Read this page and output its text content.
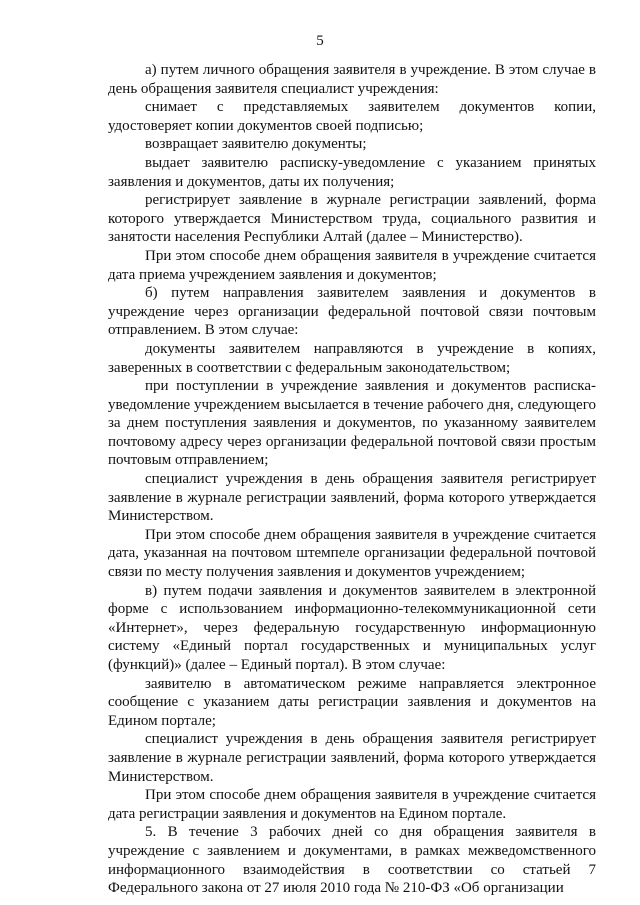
5

а) путем личного обращения заявителя в учреждение. В этом случае в день обращения заявителя специалист учреждения:

снимает с представляемых заявителем документов копии, удостоверяет копии документов своей подписью;

возвращает заявителю документы;

выдает заявителю расписку-уведомление с указанием принятых заявления и документов, даты их получения;

регистрирует заявление в журнале регистрации заявлений, форма которого утверждается Министерством труда, социального развития и занятости населения Республики Алтай (далее – Министерство).

При этом способе днем обращения заявителя в учреждение считается дата приема учреждением заявления и документов;

б) путем направления заявителем заявления и документов в учреждение через организации федеральной почтовой связи почтовым отправлением. В этом случае:

документы заявителем направляются в учреждение в копиях, заверенных в соответствии с федеральным законодательством;

при поступлении в учреждение заявления и документов расписка-уведомление учреждением высылается в течение рабочего дня, следующего за днем поступления заявления и документов, по указанному заявителем почтовому адресу через организации федеральной почтовой связи простым почтовым отправлением;

специалист учреждения в день обращения заявителя регистрирует заявление в журнале регистрации заявлений, форма которого утверждается Министерством.

При этом способе днем обращения заявителя в учреждение считается дата, указанная на почтовом штемпеле организации федеральной почтовой связи по месту получения заявления и документов учреждением;

в) путем подачи заявления и документов заявителем в электронной форме с использованием информационно-телекоммуникационной сети «Интернет», через федеральную государственную информационную систему «Единый портал государственных и муниципальных услуг (функций)» (далее – Единый портал). В этом случае:

заявителю в автоматическом режиме направляется электронное сообщение с указанием даты регистрации заявления и документов на Едином портале;

специалист учреждения в день обращения заявителя регистрирует заявление в журнале регистрации заявлений, форма которого утверждается Министерством.

При этом способе днем обращения заявителя в учреждение считается дата регистрации заявления и документов на Едином портале.

5. В течение 3 рабочих дней со дня обращения заявителя в учреждение с заявлением и документами, в рамках межведомственного информационного взаимодействия в соответствии со статьей 7 Федерального закона от 27 июля 2010 года № 210-ФЗ «Об организации
